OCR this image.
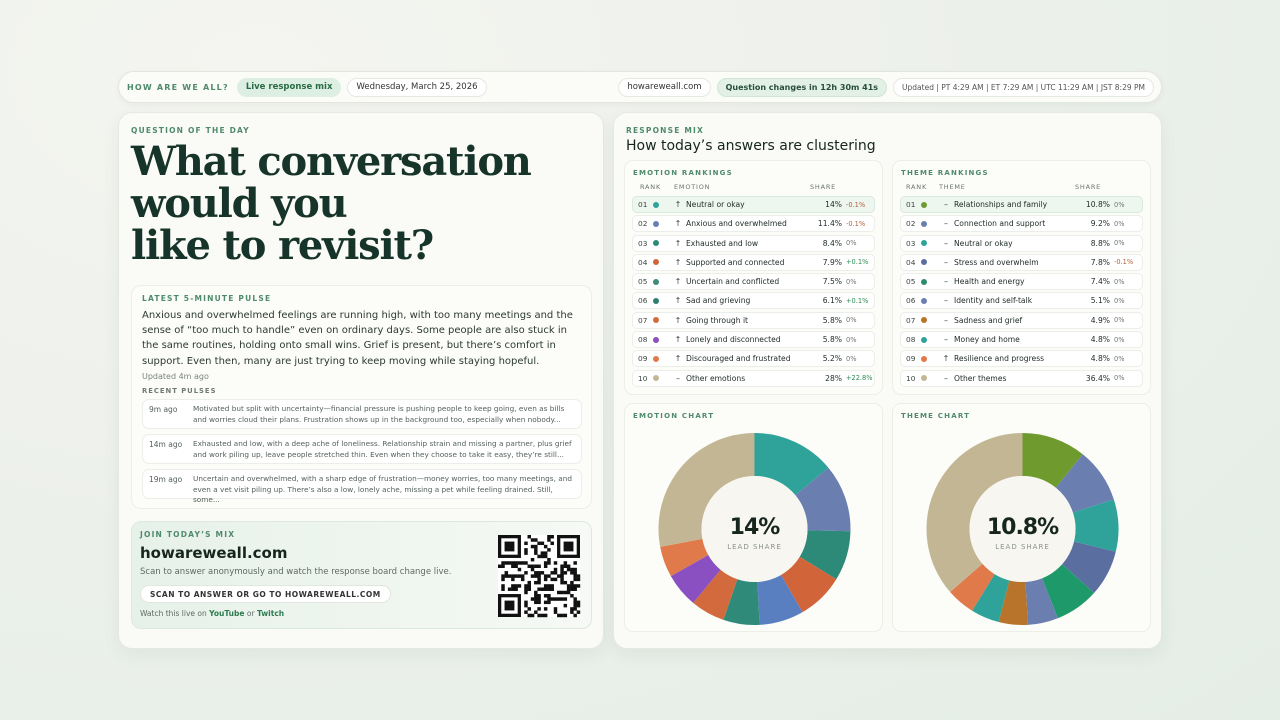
HOW ARE WE ALL?	Live response mix	Wednesday, March 25, 2026	howareweall.com	Question changes in 12h 30m 41s	Updated | PT 4:29 AM | ET 7:29 AM | UTC 11:29 AM | JST 8:29 PM
QUESTION OF THE DAY
What conversation
would you
like to revisit?
LATEST 5-MINUTE PULSE
Anxious and overwhelmed feelings are running high, with too many meetings and the sense of “too much to handle” even on ordinary days. Some people are also stuck in the same routines, holding onto small wins. Grief is present, but there’s comfort in support. Even then, many are just trying to keep moving while staying hopeful.
Updated 4m ago
RECENT PULSES
9m ago Motivated but split with uncertainty—financial pressure is pushing people to keep going, even as bills and worries cloud their plans. Frustration shows up in the background too, especially when nobody...
14m ago Exhausted and low, with a deep ache of loneliness. Relationship strain and missing a partner, plus grief and work piling up, leave people stretched thin. Even when they choose to take it easy, they’re still...
19m ago Uncertain and overwhelmed, with a sharp edge of frustration—money worries, too many meetings, and even a vet visit piling up. There’s also a low, lonely ache, missing a pet while feeling drained. Still, some...
JOIN TODAY’S MIX
howareweall.com
Scan to answer anonymously and watch the response board change live.
SCAN TO ANSWER OR GO TO HOWAREWEALL.COM
Watch this live on YouTube or Twitch
RESPONSE MIX
How today’s answers are clustering
EMOTION RANKINGS
RANK EMOTION	SHARE
01	↑ Neutral or okay	14% -0.1%
02	↑ Anxious and overwhelmed	11.4% -0.1%
03	↑ Exhausted and low	8.4% 0%
04	↑ Supported and connected	7.9% +0.1%
05	↑ Uncertain and conflicted	7.5% 0%
06	↑ Sad and grieving	6.1% +0.1%
07	↑ Going through it	5.8% 0%
08	↑ Lonely and disconnected	5.8% 0%
09	↑ Discouraged and frustrated	5.2% 0%
10	– Other emotions	28% +22.8%
THEME RANKINGS
RANK THEME	SHARE
01	– Relationships and family	10.8% 0%
02	– Connection and support	9.2% 0%
03	– Neutral or okay	8.8% 0%
04	– Stress and overwhelm	7.8% -0.1%
05	– Health and energy	7.4% 0%
06	– Identity and self-talk	5.1% 0%
07	– Sadness and grief	4.9% 0%
08	– Money and home	4.8% 0%
09	↑ Resilience and progress	4.8% 0%
10	– Other themes	36.4% 0%
EMOTION CHART
14%
LEAD SHARE
THEME CHART
10.8%
LEAD SHARE
